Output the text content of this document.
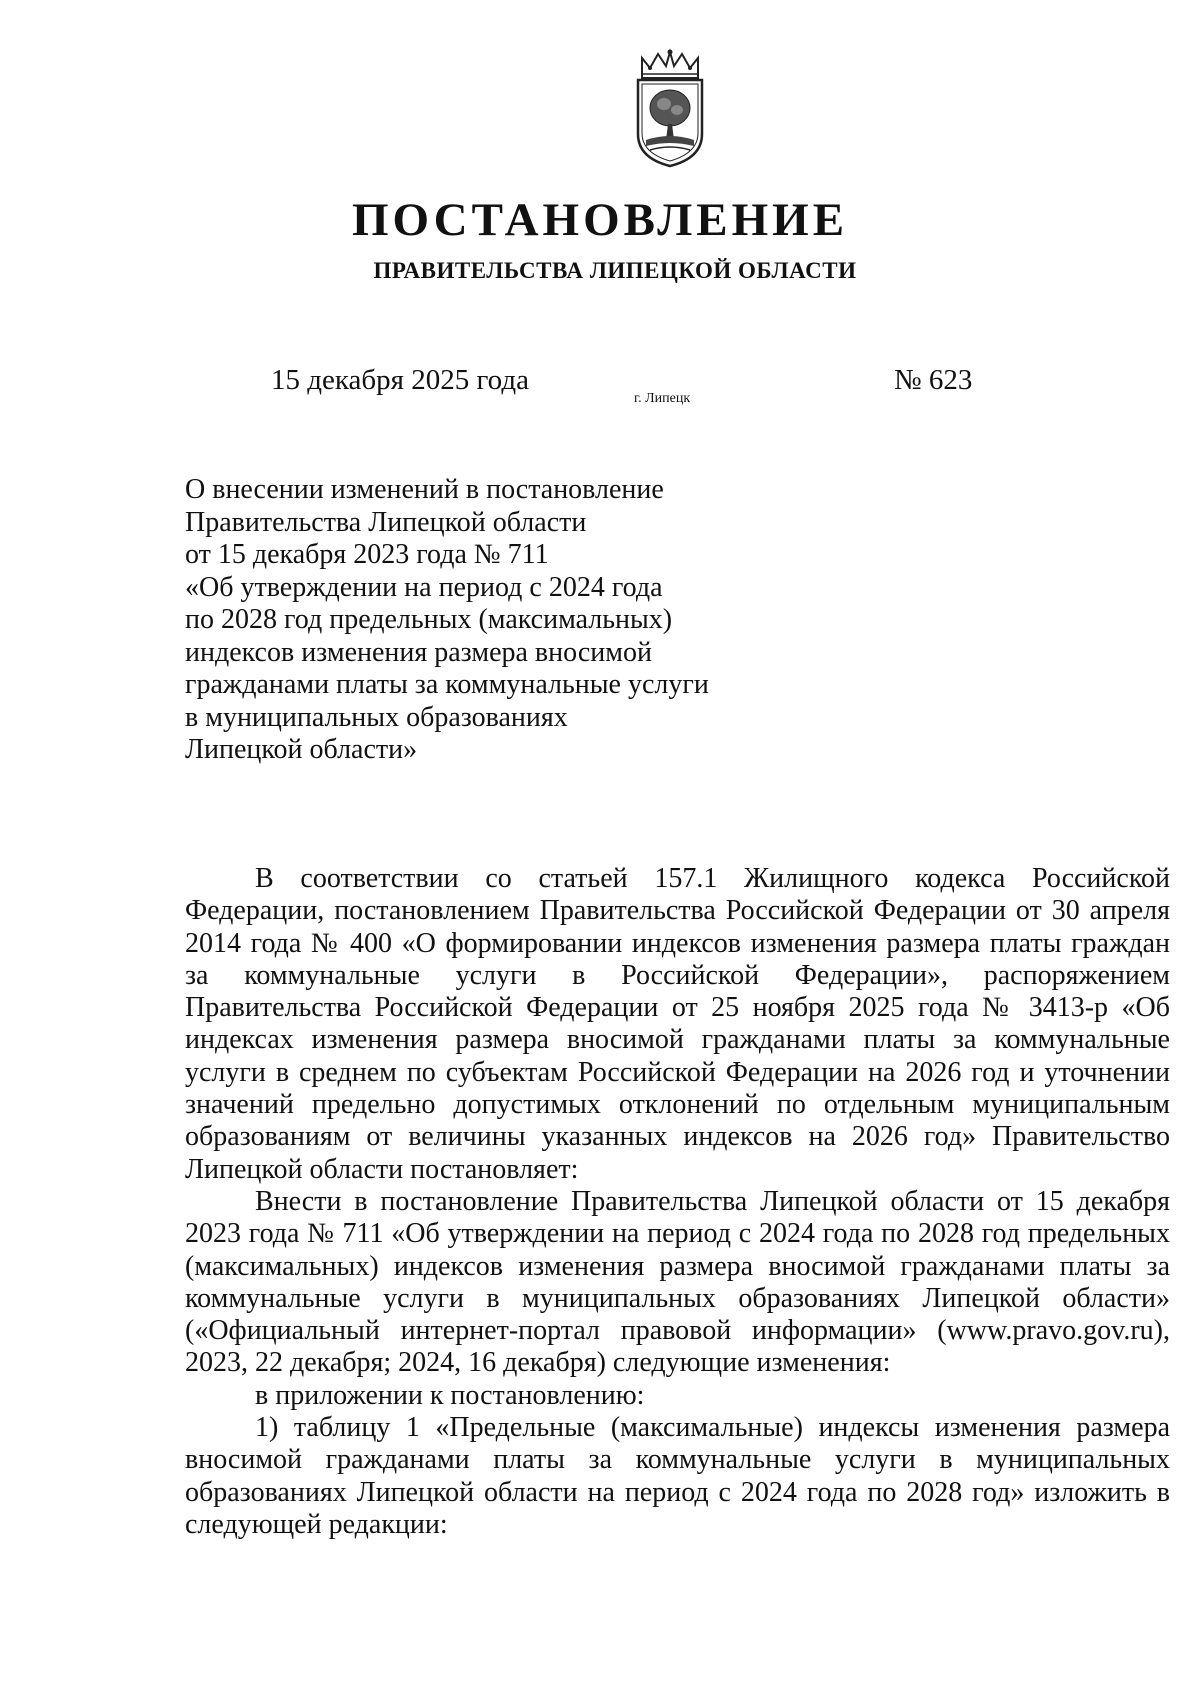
ПОСТАНОВЛЕНИЕ
ПРАВИТЕЛЬСТВА ЛИПЕЦКОЙ ОБЛАСТИ
15 декабря 2025 года
г. Липецк
№ 623
О внесении изменений в постановление
Правительства Липецкой области
от 15 декабря 2023 года № 711
«Об утверждении на период с 2024 года
по 2028 год предельных (максимальных)
индексов изменения размера вносимой
гражданами платы за коммунальные услуги
в муниципальных образованиях
Липецкой области»

В соответствии со статьей 157.1 Жилищного кодекса Российской Федерации, постановлением Правительства Российской Федерации от 30 апреля 2014 года № 400 «О формировании индексов изменения размера платы граждан за коммунальные услуги в Российской Федерации», распоряжением Правительства Российской Федерации от 25 ноября 2025 года № 3413-р «Об индексах изменения размера вносимой гражданами платы за коммунальные услуги в среднем по субъектам Российской Федерации на 2026 год и уточнении значений предельно допустимых отклонений по отдельным муниципальным образованиям от величины указанных индексов на 2026 год» Правительство Липецкой области постановляет:

Внести в постановление Правительства Липецкой области от 15 декабря 2023 года № 711 «Об утверждении на период с 2024 года по 2028 год предельных (максимальных) индексов изменения размера вносимой гражданами платы за коммунальные услуги в муниципальных образованиях Липецкой области» («Официальный интернет-портал правовой информации» (www.pravo.gov.ru), 2023, 22 декабря; 2024, 16 декабря) следующие изменения:

в приложении к постановлению:

1) таблицу 1 «Предельные (максимальные) индексы изменения размера вносимой гражданами платы за коммунальные услуги в муниципальных образованиях Липецкой области на период с 2024 года по 2028 год» изложить в следующей редакции:
